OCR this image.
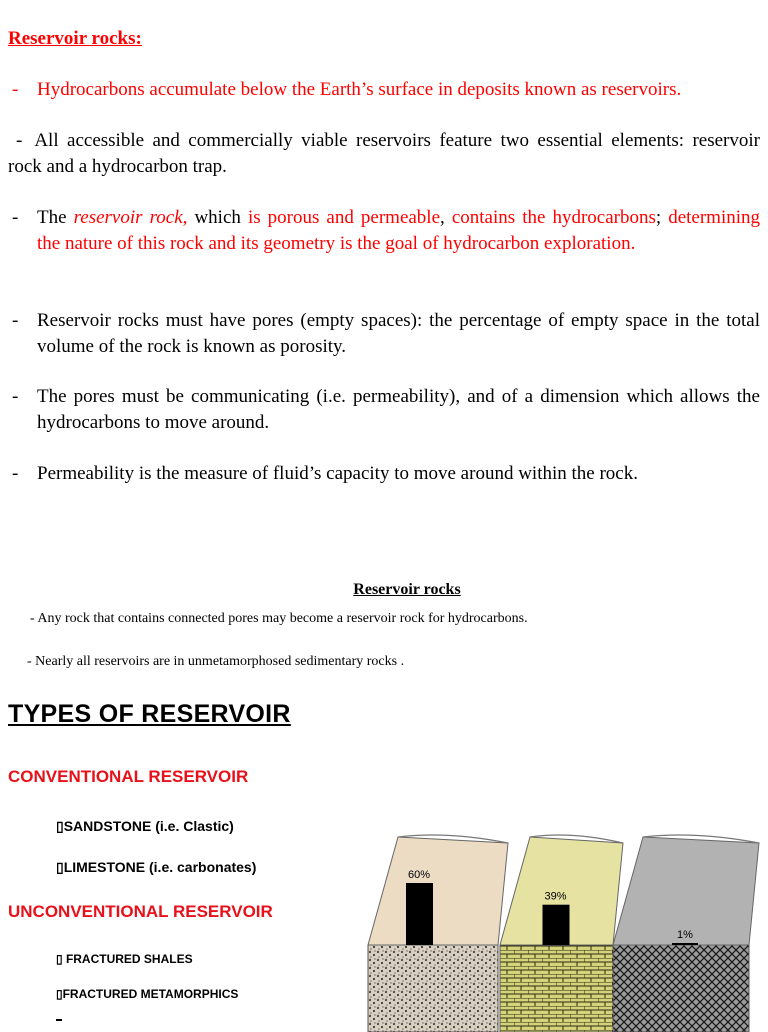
Reservoir rocks:
- Hydrocarbons accumulate below the Earth’s surface in deposits known as reservoirs.
- All accessible and commercially viable reservoirs feature two essential elements: reservoir rock and a hydrocarbon trap.
- The reservoir rock, which is porous and permeable, contains the hydrocarbons; determining the nature of this rock and its geometry is the goal of hydrocarbon exploration.
- Reservoir rocks must have pores (empty spaces): the percentage of empty space in the total volume of the rock is known as porosity.
- The pores must be communicating (i.e. permeability), and of a dimension which allows the hydrocarbons to move around.
- Permeability is the measure of fluid’s capacity to move around within the rock.
Reservoir rocks
- Any rock that contains connected pores may become a reservoir rock for hydrocarbons.
- Nearly all reservoirs are in unmetamorphosed sedimentary rocks .
TYPES OF RESERVOIR
CONVENTIONAL RESERVOIR
▯SANDSTONE (i.e. Clastic)
▯LIMESTONE (i.e. carbonates)
UNCONVENTIONAL RESERVOIR
▯ FRACTURED SHALES
▯FRACTURED METAMORPHICS
60%
39%
1%
